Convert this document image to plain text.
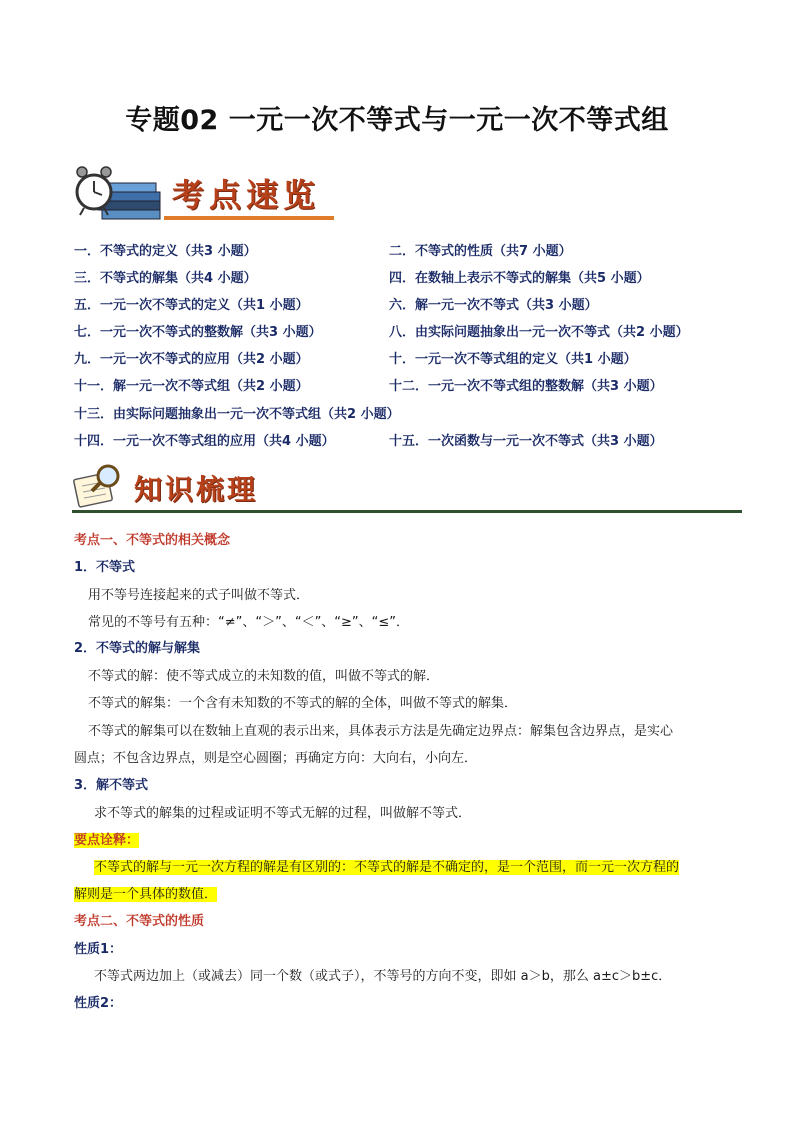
专题02 一元一次不等式与一元一次不等式组
考点速览
一．不等式的定义（共3 小题）	二．不等式的性质（共7 小题）
三．不等式的解集（共4 小题）	四．在数轴上表示不等式的解集（共5 小题）
五．一元一次不等式的定义（共1 小题）	六．解一元一次不等式（共3 小题）
七．一元一次不等式的整数解（共3 小题）	八．由实际问题抽象出一元一次不等式（共2 小题）
九．一元一次不等式的应用（共2 小题）	十．一元一次不等式组的定义（共1 小题）
十一．解一元一次不等式组（共2 小题）	十二．一元一次不等式组的整数解（共3 小题）
十三．由实际问题抽象出一元一次不等式组（共2 小题）
十四．一元一次不等式组的应用（共4 小题）	十五．一次函数与一元一次不等式（共3 小题）
知识梳理
考点一、不等式的相关概念
1．不等式
用不等号连接起来的式子叫做不等式．
常见的不等号有五种：“≠”、“＞”、“＜”、“≥”、“≤”．
2．不等式的解与解集
不等式的解：使不等式成立的未知数的值，叫做不等式的解．
不等式的解集：一个含有未知数的不等式的解的全体，叫做不等式的解集．
不等式的解集可以在数轴上直观的表示出来，具体表示方法是先确定边界点：解集包含边界点，是实心
圆点；不包含边界点，则是空心圆圈；再确定方向：大向右，小向左．
3．解不等式
求不等式的解集的过程或证明不等式无解的过程，叫做解不等式．
要点诠释：
不等式的解与一元一次方程的解是有区别的：不等式的解是不确定的，是一个范围，而一元一次方程的
解则是一个具体的数值．
考点二、不等式的性质
性质1：
不等式两边加上（或减去）同一个数（或式子），不等号的方向不变，即如 a＞b，那么 a±c＞b±c．
性质2：
